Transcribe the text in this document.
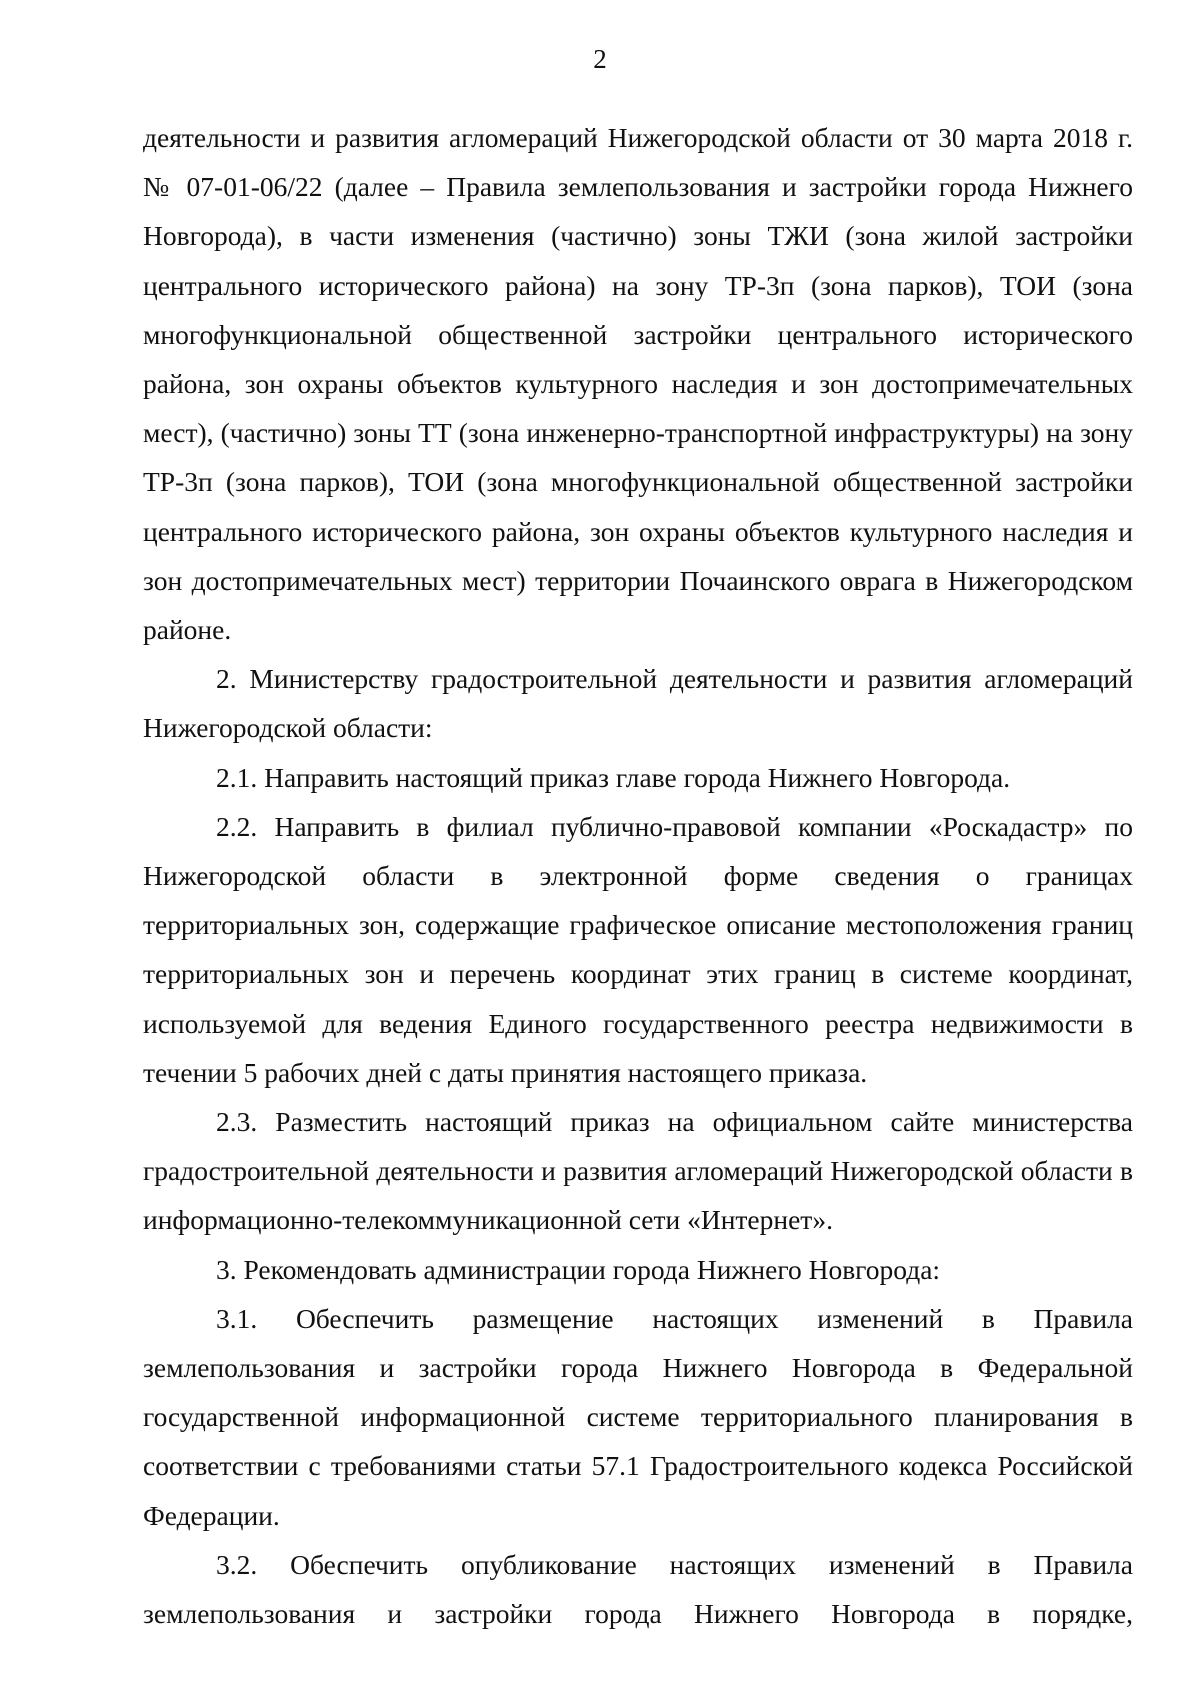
2

деятельности и развития агломераций Нижегородской области от 30 марта 2018 г. № 07-01-06/22 (далее – Правила землепользования и застройки города Нижнего Новгорода), в части изменения (частично) зоны ТЖИ (зона жилой застройки центрального исторического района) на зону ТР-3п (зона парков), ТОИ (зона многофункциональной общественной застройки центрального исторического района, зон охраны объектов культурного наследия и зон достопримечательных мест), (частично) зоны ТТ (зона инженерно-транспортной инфраструктуры) на зону ТР-3п (зона парков), ТОИ (зона многофункциональной общественной застройки центрального исторического района, зон охраны объектов культурного наследия и зон достопримечательных мест) территории Почаинского оврага в Нижегородском районе.

2. Министерству градостроительной деятельности и развития агломераций Нижегородской области:

2.1. Направить настоящий приказ главе города Нижнего Новгорода.

2.2. Направить в филиал публично-правовой компании «Роскадастр» по Нижегородской области в электронной форме сведения о границах территориальных зон, содержащие графическое описание местоположения границ территориальных зон и перечень координат этих границ в системе координат, используемой для ведения Единого государственного реестра недвижимости в течении 5 рабочих дней с даты принятия настоящего приказа.

2.3. Разместить настоящий приказ на официальном сайте министерства градостроительной деятельности и развития агломераций Нижегородской области в информационно-телекоммуникационной сети «Интернет».

3. Рекомендовать администрации города Нижнего Новгорода:

3.1. Обеспечить размещение настоящих изменений в Правила землепользования и застройки города Нижнего Новгорода в Федеральной государственной информационной системе территориального планирования в соответствии с требованиями статьи 57.1 Градостроительного кодекса Российской Федерации.

3.2. Обеспечить опубликование настоящих изменений в Правила землепользования и застройки города Нижнего Новгорода в порядке,
